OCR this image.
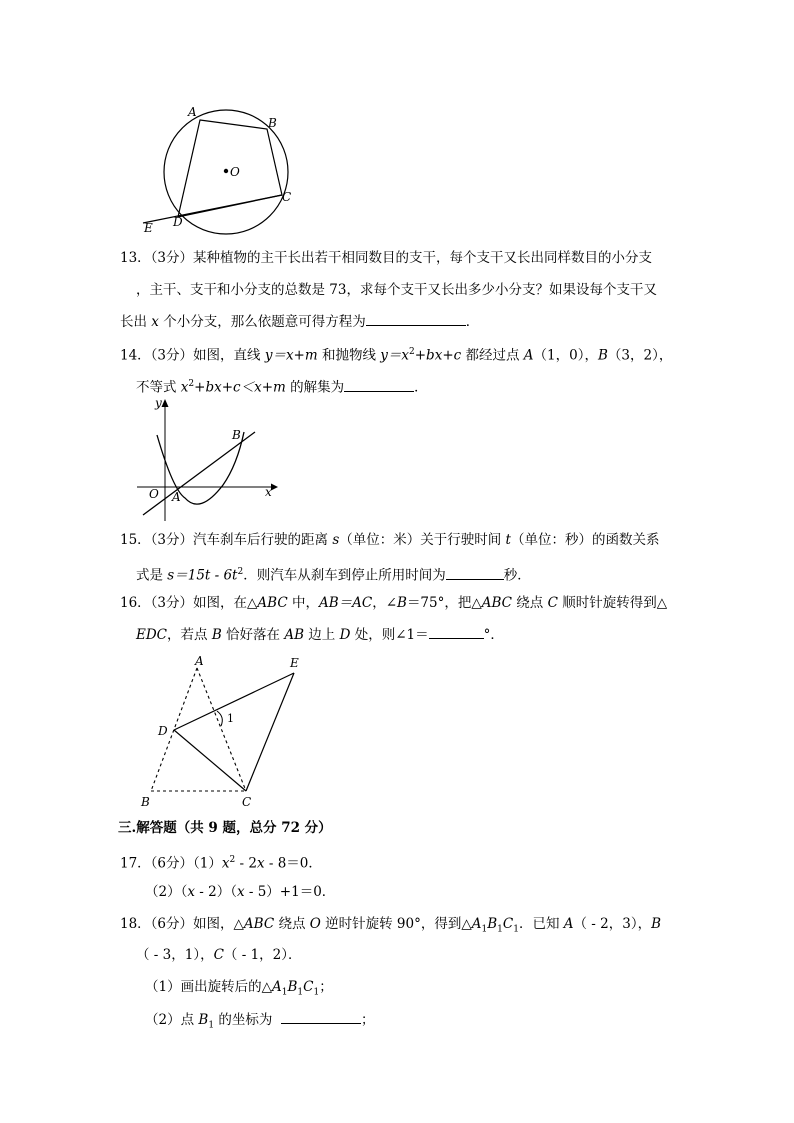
A
B
C
D
E
O
13．（3分）某种植物的主干长出若干相同数目的支干，每个支干又长出同样数目的小分支
，主干、支干和小分支的总数是 73，求每个支干又长出多少小分支？如果设每个支干又
长出 x 个小分支，那么依题意可得方程为	．
14．（3分）如图，直线 y＝x+m 和抛物线 $y=x^2+bx+c$ 都经过点 A（1，0），B（3，2），
不等式 $x^2+bx+c<x+m$ 的解集为	．
y
x
O A
B
15．（3分）汽车刹车后行驶的距离 s（单位：米）关于行驶时间 t（单位：秒）的函数关系
式是 $s=15t - 6t^2$．则汽车从刹车到停止所用时间为	秒．
16．（3分）如图，在△ABC 中，AB＝AC，∠B＝75°，把△ABC 绕点 C 顺时针旋转得到△
EDC，若点 B 恰好落在 AB 边上 D 处，则∠1＝	°．
A	E
D
1
B	C
三.解答题（共 9 题，总分 72 分）
17．（6分）$(1)x^2 - 2x - 8=0$．
（2）（x - 2）（x - 5）+1＝0．
18．（6分）如图，△ABC 绕点 O 逆时针旋转 90°，得到$\triangle A_1B_1C_1$．已知 A（ - 2，3），B
（ - 3，1），C（ - 1，2）．
（1）画出旋转后的$\triangle A_1B_1C_1$；
（2）点 $B_1$ 的坐标为	；
